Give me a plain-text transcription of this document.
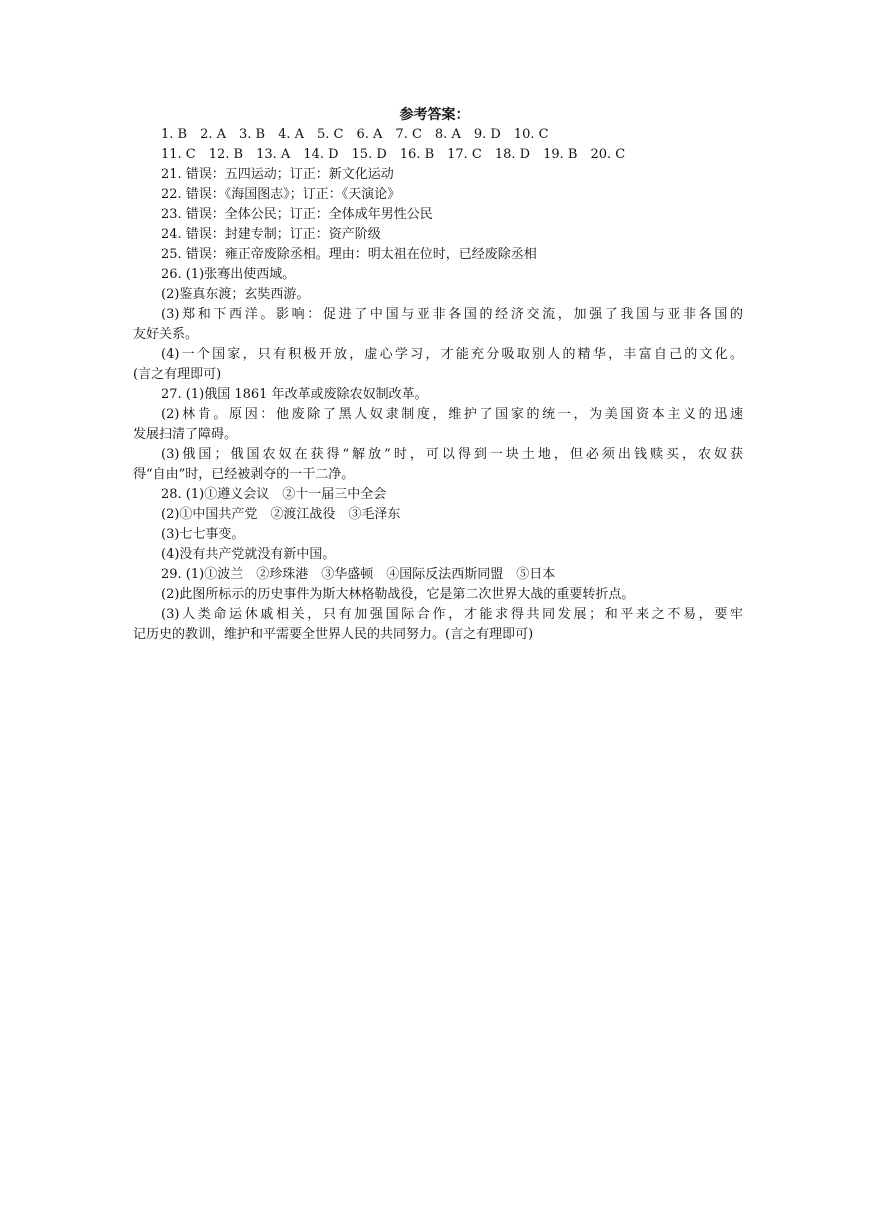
参考答案：
1. B　2. A　3. B　4. A　5. C　6. A　7. C　8. A　9. D　10. C
11. C　12. B　13. A　14. D　15. D　16. B　17. C　18. D　19. B　20. C
21. 错误：五四运动；订正：新文化运动
22. 错误：《海国图志》；订正：《天演论》
23. 错误：全体公民；订正：全体成年男性公民
24. 错误：封建专制；订正：资产阶级
25. 错误：雍正帝废除丞相。理由：明太祖在位时，已经废除丞相
26. (1)张骞出使西域。
(2)鉴真东渡；玄奘西游。
(3)郑和下西洋。影响：促进了中国与亚非各国的经济交流，加强了我国与亚非各国的
友好关系。
(4)一个国家，只有积极开放，虚心学习，才能充分吸取别人的精华，丰富自己的文化。
(言之有理即可)
27. (1)俄国 1861 年改革或废除农奴制改革。
(2)林肯。原因：他废除了黑人奴隶制度，维护了国家的统一，为美国资本主义的迅速
发展扫清了障碍。
(3)俄国；俄国农奴在获得“解放”时，可以得到一块土地，但必须出钱赎买，农奴获
得“自由”时，已经被剥夺的一干二净。
28. (1)①遵义会议　②十一届三中全会
(2)①中国共产党　②渡江战役　③毛泽东
(3)七七事变。
(4)没有共产党就没有新中国。
29. (1)①波兰　②珍珠港　③华盛顿　④国际反法西斯同盟　⑤日本
(2)此图所标示的历史事件为斯大林格勒战役，它是第二次世界大战的重要转折点。
(3)人类命运休戚相关，只有加强国际合作，才能求得共同发展；和平来之不易，要牢
记历史的教训，维护和平需要全世界人民的共同努力。(言之有理即可)
